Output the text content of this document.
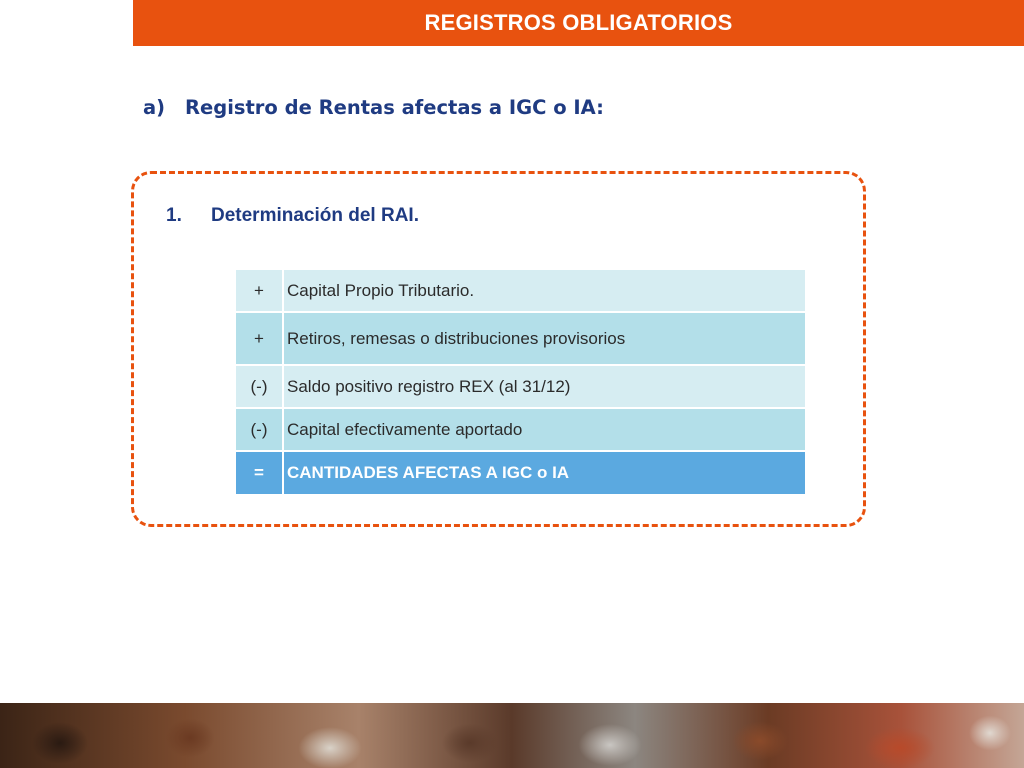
REGISTROS OBLIGATORIOS
a)	Registro de Rentas afectas a IGC o IA:
1.	Determinación del RAI.
+	Capital Propio Tributario.
+	Retiros, remesas o distribuciones provisorios
(-)	Saldo positivo registro REX (al 31/12)
(-)	Capital efectivamente aportado
=	CANTIDADES AFECTAS A IGC o IA
